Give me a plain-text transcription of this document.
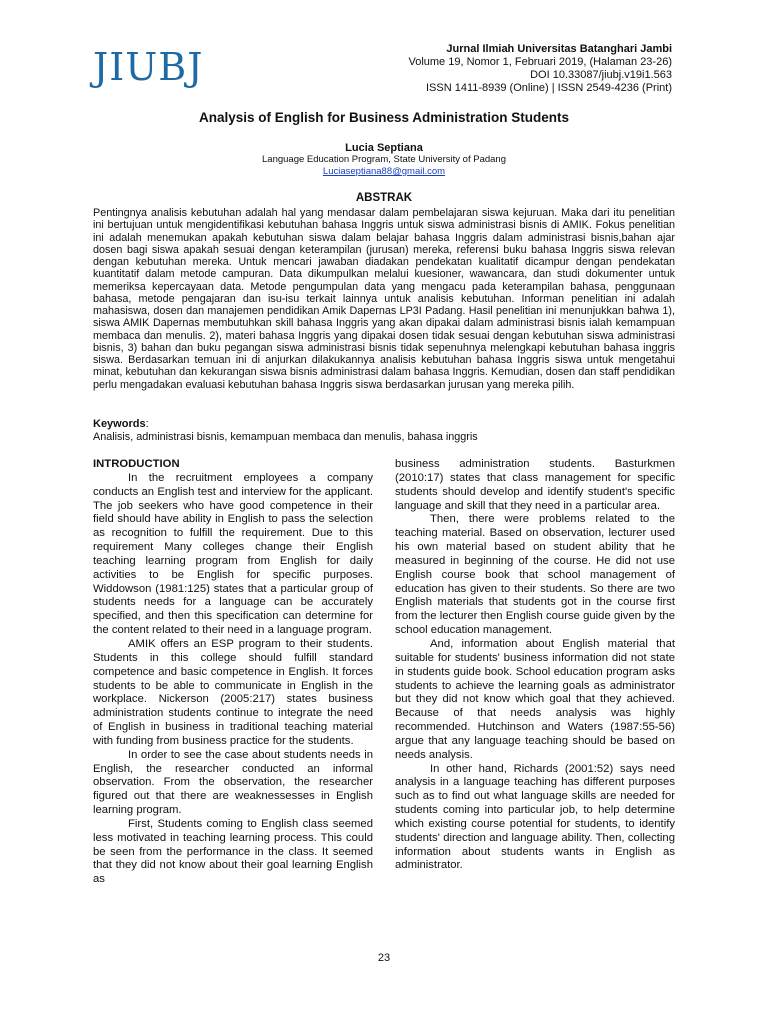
JIUBJ	Jurnal Ilmiah Universitas Batanghari Jambi
Volume 19, Nomor 1, Februari 2019, (Halaman 23-26)
DOI 10.33087/jiubj.v19i1.563
ISSN 1411-8939 (Online) | ISSN 2549-4236 (Print)
Analysis of English for Business Administration Students
Lucia Septiana
Language Education Program, State University of Padang
Luciaseptiana88@gmail.com
ABSTRAK
Pentingnya analisis kebutuhan adalah hal yang mendasar dalam pembelajaran siswa kejuruan. Maka dari itu penelitian ini bertujuan untuk mengidentifikasi kebutuhan bahasa Inggris untuk siswa administrasi bisnis di AMIK. Fokus penelitian ini adalah menemukan apakah kebutuhan siswa dalam belajar bahasa Inggris dalam administrasi bisnis,bahan ajar dosen bagi siswa apakah sesuai dengan keterampilan (jurusan) mereka, referensi buku bahasa Inggris siswa relevan dengan kebutuhan mereka. Untuk mencari jawaban diadakan pendekatan kualitatif dicampur dengan pendekatan kuantitatif dalam metode campuran. Data dikumpulkan melalui kuesioner, wawancara, dan studi dokumenter untuk memeriksa kepercayaan data. Metode pengumpulan data yang mengacu pada keterampilan bahasa, penggunaan bahasa, metode pengajaran dan isu-isu terkait lainnya untuk analisis kebutuhan. Informan penelitian ini adalah mahasiswa, dosen dan manajemen pendidikan Amik Dapernas LP3I Padang. Hasil penelitian ini menunjukkan bahwa 1), siswa AMIK Dapernas membutuhkan skill bahasa Inggris yang akan dipakai dalam administrasi bisnis ialah kemampuan membaca dan menulis. 2), materi bahasa Inggris yang dipakai dosen tidak sesuai dengan kebutuhan siswa administrasi bisnis, 3) bahan dan buku pegangan siswa administrasi bisnis tidak sepenuhnya melengkapi kebutuhan bahasa inggris siswa. Berdasarkan temuan ini di anjurkan dilakukannya analisis kebutuhan bahasa Inggris siswa untuk mengetahui minat, kebutuhan dan kekurangan siswa bisnis administrasi dalam bahasa Inggris. Kemudian, dosen dan staff pendidikan perlu mengadakan evaluasi kebutuhan bahasa Inggris siswa berdasarkan jurusan yang mereka pilih.
Keywords:
Analisis, administrasi bisnis, kemampuan membaca dan menulis, bahasa inggris
INTRODUCTION

In the recruitment employees a company conducts an English test and interview for the applicant. The job seekers who have good competence in their field should have ability in English to pass the selection as recognition to fulfill the requirement. Due to this requirement Many colleges change their English teaching learning program from English for daily activities to be English for specific purposes. Widdowson (1981:125) states that a particular group of students needs for a language can be accurately specified, and then this specification can determine for the content related to their need in a language program.

AMIK offers an ESP program to their students. Students in this college should fulfill standard competence and basic competence in English. It forces students to be able to communicate in English in the workplace. Nickerson (2005:217) states business administration students continue to integrate the need of English in business in traditional teaching material with funding from business practice for the students.

In order to see the case about students needs in English, the researcher conducted an informal observation. From the observation, the researcher figured out that there are weaknessesses in English learning program.

First, Students coming to English class seemed less motivated in teaching learning process. This could be seen from the performance in the class. It seemed that they did not know about their goal learning English as

business administration students. Basturkmen (2010:17) states that class management for specific students should develop and identify student's specific language and skill that they need in a particular area.

Then, there were problems related to the teaching material. Based on observation, lecturer used his own material based on student ability that he measured in beginning of the course. He did not use English course book that school management of education has given to their students. So there are two English materials that students got in the course first from the lecturer then English course guide given by the school education management.

And, information about English material that suitable for students' business information did not state in students guide book. School education program asks students to achieve the learning goals as administrator but they did not know which goal that they achieved. Because of that needs analysis was highly recommended. Hutchinson and Waters (1987:55-56) argue that any language teaching should be based on needs analysis.

In other hand, Richards (2001:52) says need analysis in a language teaching has different purposes such as to find out what language skills are needed for students coming into particular job, to help determine which existing course potential for students, to identify students' direction and language ability. Then, collecting information about students wants in English as administrator.

23
